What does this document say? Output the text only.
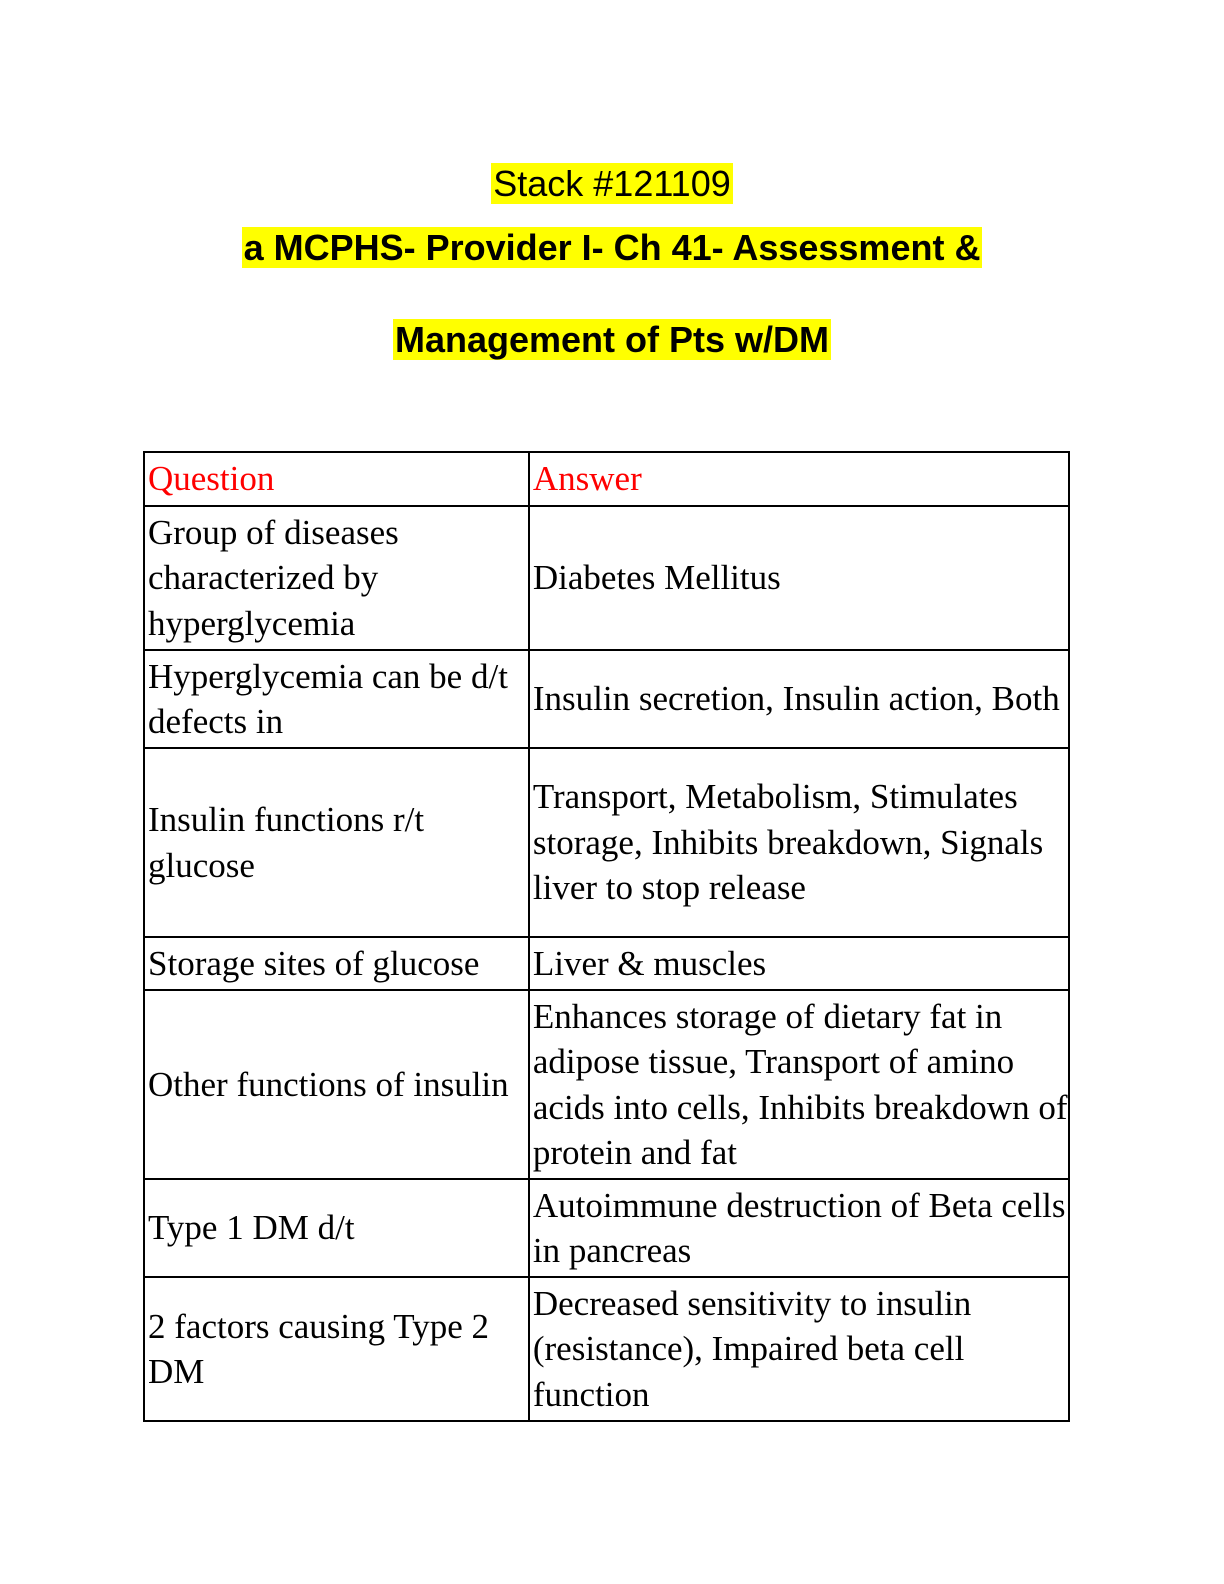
Stack #121109
a MCPHS- Provider I- Ch 41- Assessment &
Management of Pts w/DM
Question	Answer
Group of diseases characterized by hyperglycemia	Diabetes Mellitus
Hyperglycemia can be d/t defects in	Insulin secretion, Insulin action, Both
Insulin functions r/t glucose	Transport, Metabolism, Stimulates storage, Inhibits breakdown, Signals liver to stop release
Storage sites of glucose	Liver & muscles
Other functions of insulin	Enhances storage of dietary fat in adipose tissue, Transport of amino acids into cells, Inhibits breakdown of protein and fat
Type 1 DM d/t	Autoimmune destruction of Beta cells in pancreas
2 factors causing Type 2 DM	Decreased sensitivity to insulin (resistance), Impaired beta cell function
